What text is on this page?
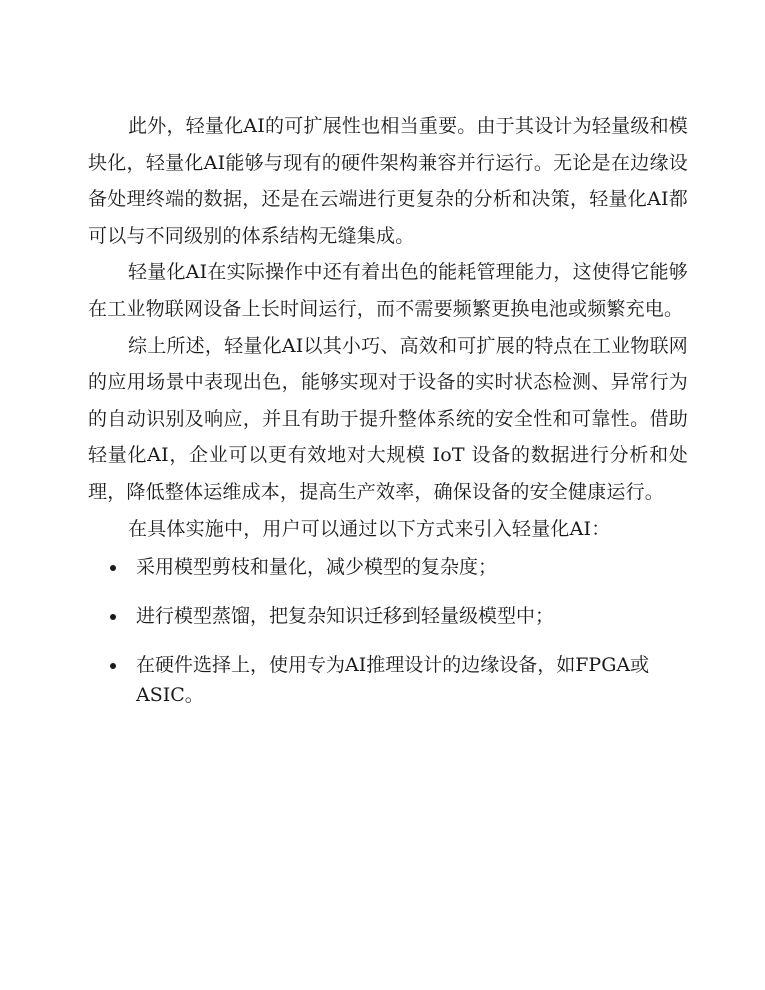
此外，轻量化AI的可扩展性也相当重要。由于其设计为轻量级和模块化，轻量化AI能够与现有的硬件架构兼容并行运行。无论是在边缘设备处理终端的数据，还是在云端进行更复杂的分析和决策，轻量化AI都可以与不同级别的体系结构无缝集成。

轻量化AI在实际操作中还有着出色的能耗管理能力，这使得它能够在工业物联网设备上长时间运行，而不需要频繁更换电池或频繁充电。

综上所述，轻量化AI以其小巧、高效和可扩展的特点在工业物联网的应用场景中表现出色，能够实现对于设备的实时状态检测、异常行为的自动识别及响应，并且有助于提升整体系统的安全性和可靠性。借助轻量化AI，企业可以更有效地对大规模 IoT 设备的数据进行分析和处理，降低整体运维成本，提高生产效率，确保设备的安全健康运行。

在具体实施中，用户可以通过以下方式来引入轻量化AI：

采用模型剪枝和量化，减少模型的复杂度；
进行模型蒸馏，把复杂知识迁移到轻量级模型中；
在硬件选择上，使用专为AI推理设计的边缘设备，如FPGA或ASIC。
